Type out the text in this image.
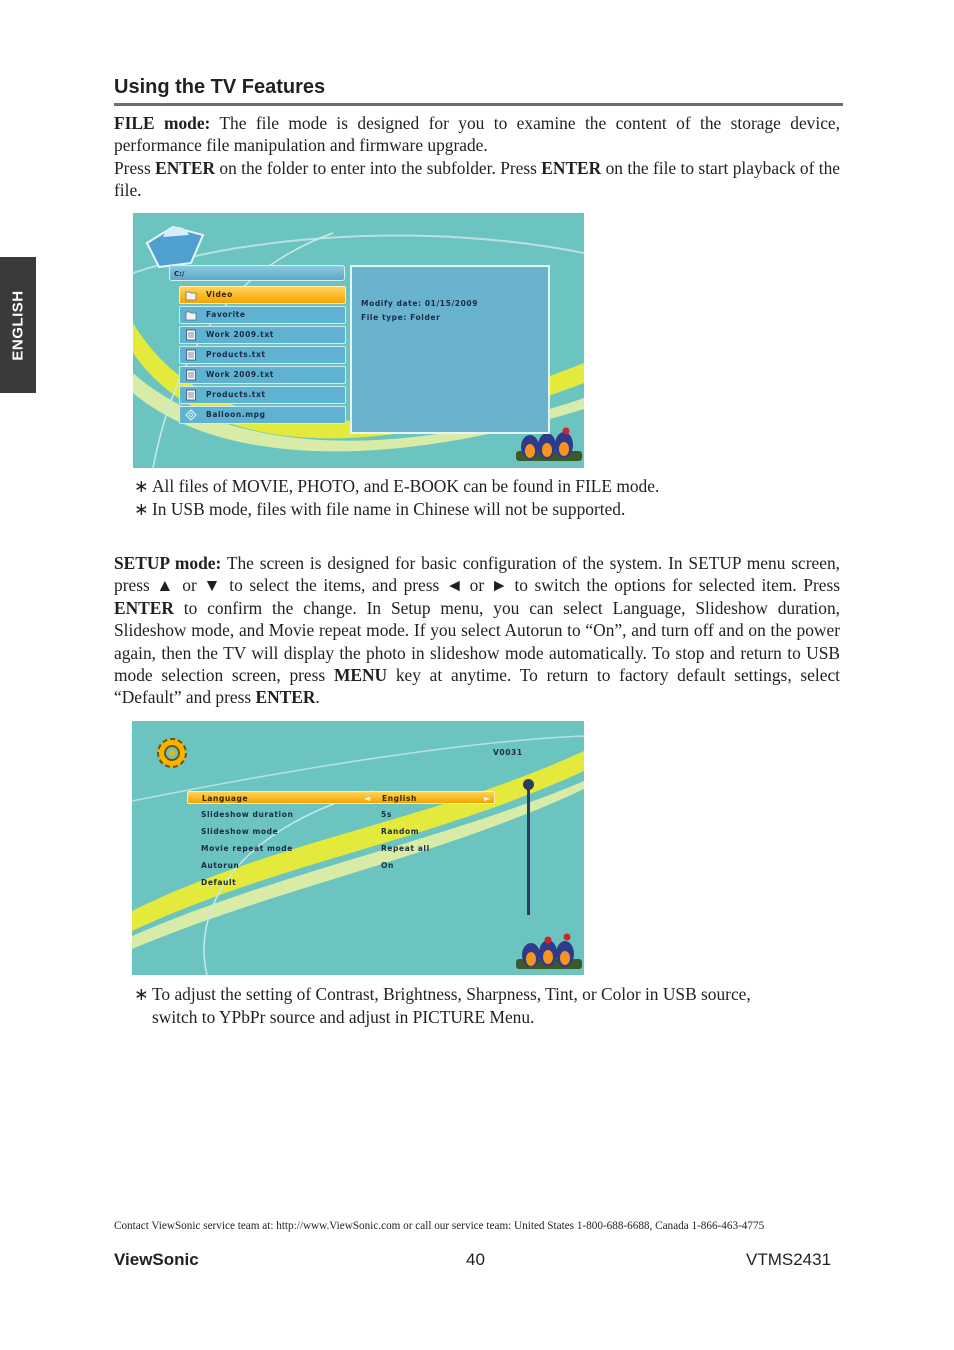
ENGLISH
Using the TV Features

FILE mode: The file mode is designed for you to examine the content of the storage device, performance file manipulation and firmware upgrade.
Press ENTER on the folder to enter into the subfolder. Press ENTER on the file to start playback of the file.

C:/
Video
Favorite
Work 2009.txt
Products.txt
Work 2009.txt
Products.txt
Balloon.mpg
Modify date: 01/15/2009
File type: Folder

∗ All files of MOVIE, PHOTO, and E-BOOK can be found in FILE mode.

∗ In USB mode, files with file name in Chinese will not be supported.

SETUP mode: The screen is designed for basic configuration of the system. In SETUP menu screen, press ▲ or ▼ to select the items, and press ◄ or ► to switch the options for selected item. Press ENTER to confirm the change. In Setup menu, you can select Language, Slideshow duration, Slideshow mode, and Movie repeat mode. If you select Autorun to “On”, and turn off and on the power again, then the TV will display the photo in slideshow mode automatically. To stop and return to USB mode selection screen, press MENU key at anytime. To return to factory default settings, select “Default” and press ENTER.

V0031
Language	English
◄	►
Slideshow duration	5s
Slideshow mode	Random
Movie repeat mode	Repeat all
Autorun	On
Default

∗ To adjust the setting of Contrast, Brightness, Sharpness, Tint, or Color in USB source,
switch to YPbPr source and adjust in PICTURE Menu.

Contact ViewSonic service team at: http://www.ViewSonic.com or call our service team: United States 1-800-688-6688, Canada 1-866-463-4775

ViewSonic	40	VTMS2431
